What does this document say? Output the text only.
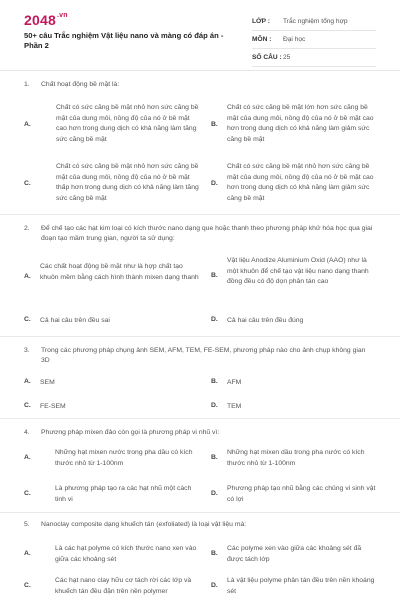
$2048^{.vn}$
50+ câu Trắc nghiệm Vật liệu nano và màng có đáp án - Phần 2
LỚP :	Trắc nghiệm tổng hợp
MÔN :	Đại học
SỐ CÂU : 25
1. Chất hoạt động bề mặt là:
A.
Chất có sức căng bề mặt nhỏ hơn sức căng bề mặt của dung môi, nồng độ của nó ở bề mặt cao hơn trong dung dịch có khả năng làm tăng sức căng bề mặt
B.
Chất có sức căng bề mặt lớn hơn sức căng bề mặt của dung môi, nồng độ của nó ở bề mặt cao hơn trong dung dịch có khả năng làm giảm sức căng bề mặt
C.
Chất có sức căng bề mặt nhỏ hơn sức căng bề mặt của dung môi, nồng độ của nó ở bề mặt thấp hơn trong dung dịch có khả năng làm tăng sức căng bề mặt
D.
Chất có sức căng bề mặt nhỏ hơn sức căng bề mặt của dung môi, nồng độ của nó ở bề mặt cao hơn trong dung dịch có khả năng làm giảm sức căng bề mặt
2. Để chế tạo các hạt kim loại có kích thước nano dạng que hoặc thanh theo phương pháp khử hóa học qua giai đoạn tạo mầm trung gian, người ta sử dụng:
A.
Các chất hoạt động bề mặt như là hợp chất tạo khuôn mềm bằng cách hình thành mixen dạng thanh	B.
Vật liệu Anodize Aluminium Oxid (AAO) như là một khuôn để chế tạo vật liệu nano dạng thanh đồng đều có độ dọn phân tán cao
C. Cả hai câu trên đều sai	D. Cả hai câu trên đều đúng
3. Trong các phương pháp chụng ảnh SEM, AFM, TEM, FE-SEM, phương pháp nào cho ảnh chụp không gian 3D
A. SEM	B. AFM
C. FE-SEM	D. TEM
4. Phương pháp mixen đảo còn gọi là phương pháp vi nhũ vì:
A.
Những hạt mixen nước trong pha dầu có kích thước nhỏ từ 1-100nm
B.
Những hạt mixen dầu trong pha nước có kích thước nhỏ từ 1-100nm
C.
Là phương pháp tạo ra các hạt nhũ một cách tinh vi
D.
Phương pháp tạo nhũ bằng các chủng vi sinh vật có lợi
5. Nanoclay composite dạng khuếch tán (exfoliated) là loại vật liệu mà:
A.
Là các hạt polyme có kích thước nano xen vào giữa các khoảng sét
B.
Các polyme xen vào giữa các khoảng sét đã được tách lớp
C.
Các hạt nano clay hữu cơ tách rời các lớp và khuếch tán đều đặn trên nền polymer
D.
Là vật liệu polyme phân tán đều trên nền khoáng sét
